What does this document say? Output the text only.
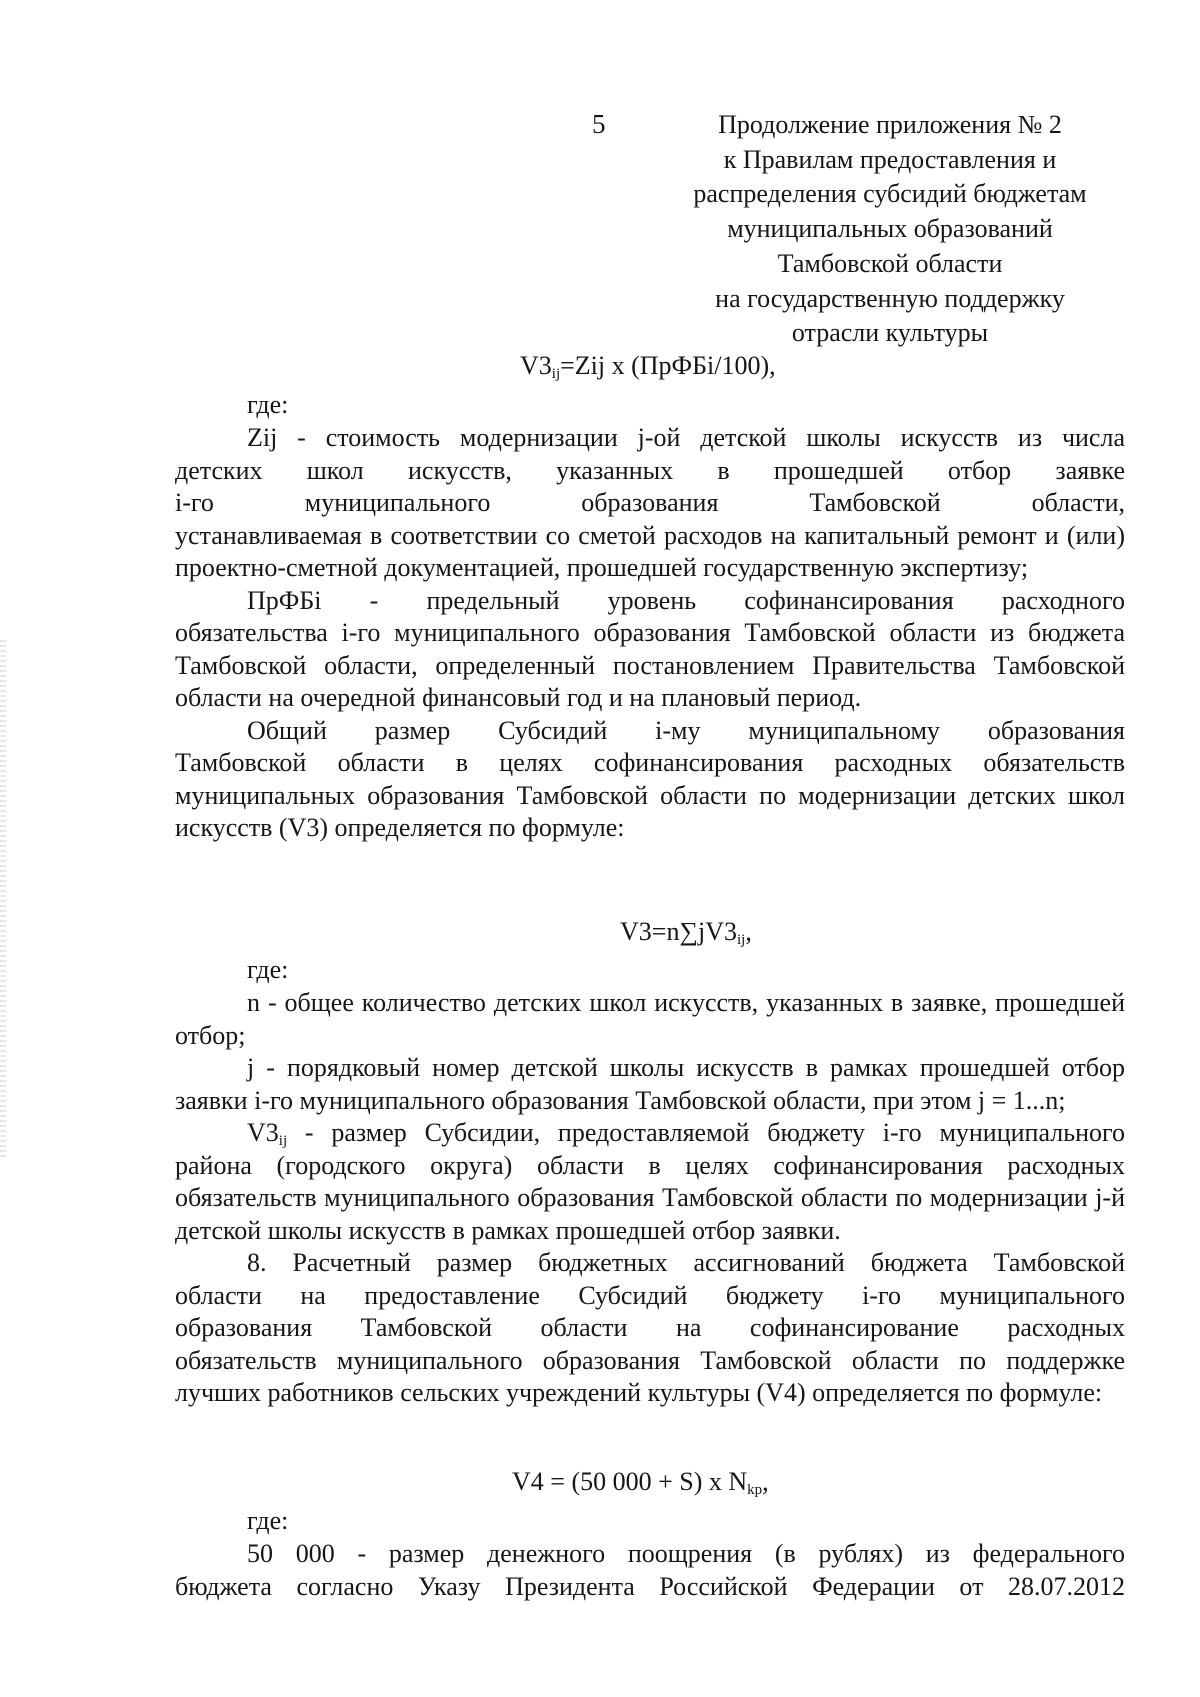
5	Продолжение приложения № 2
к Правилам предоставления и
распределения субсидий бюджетам
муниципальных образований
Тамбовской области
на государственную поддержку
отрасли культуры
$V3_{ij}=Zij$ x (ПрФБi/100),
где:

Zij - стоимость модернизации j-ой детской школы искусств из числа

детских школ искусств, указанных в прошедшей отбор заявке

i-го муниципального образования Тамбовской области,

устанавливаемая в соответствии со сметой расходов на капитальный ремонт и (или) проектно-сметной документацией, прошедшей государственную экспертизу;

ПрФБi - предельный уровень софинансирования расходного

обязательства i-го муниципального образования Тамбовской области из бюджета Тамбовской области, определенный постановлением Правительства Тамбовской области на очередной финансовый год и на плановый период.

Общий размер Субсидий i-му муниципальному образования

Тамбовской области в целях софинансирования расходных обязательств муниципальных образования Тамбовской области по модернизации детских школ искусств (V3) определяется по формуле:

$V3=n\sum jV3_{ij}$,
где:

n - общее количество детских школ искусств, указанных в заявке, прошедшей отбор;

j - порядковый номер детской школы искусств в рамках прошедшей отбор заявки i-го муниципального образования Тамбовской области, при этом j = 1...n;

$V3_{ij}$ - размер Субсидии, предоставляемой бюджету i-го муниципального района (городского округа) области в целях софинансирования расходных обязательств муниципального образования Тамбовской области по модернизации j-й детской школы искусств в рамках прошедшей отбор заявки.

8. Расчетный размер бюджетных ассигнований бюджета Тамбовской

области на предоставление Субсидий бюджету i-го муниципального

образования Тамбовской области на софинансирование расходных

обязательств муниципального образования Тамбовской области по поддержке лучших работников сельских учреждений культуры (V4) определяется по формуле:

V4 = (50 000 + S) x $N_{kp}$,
где:

50 000 - размер денежного поощрения (в рублях) из федерального

бюджета согласно Указу Президента Российской Федерации от 28.07.2012
